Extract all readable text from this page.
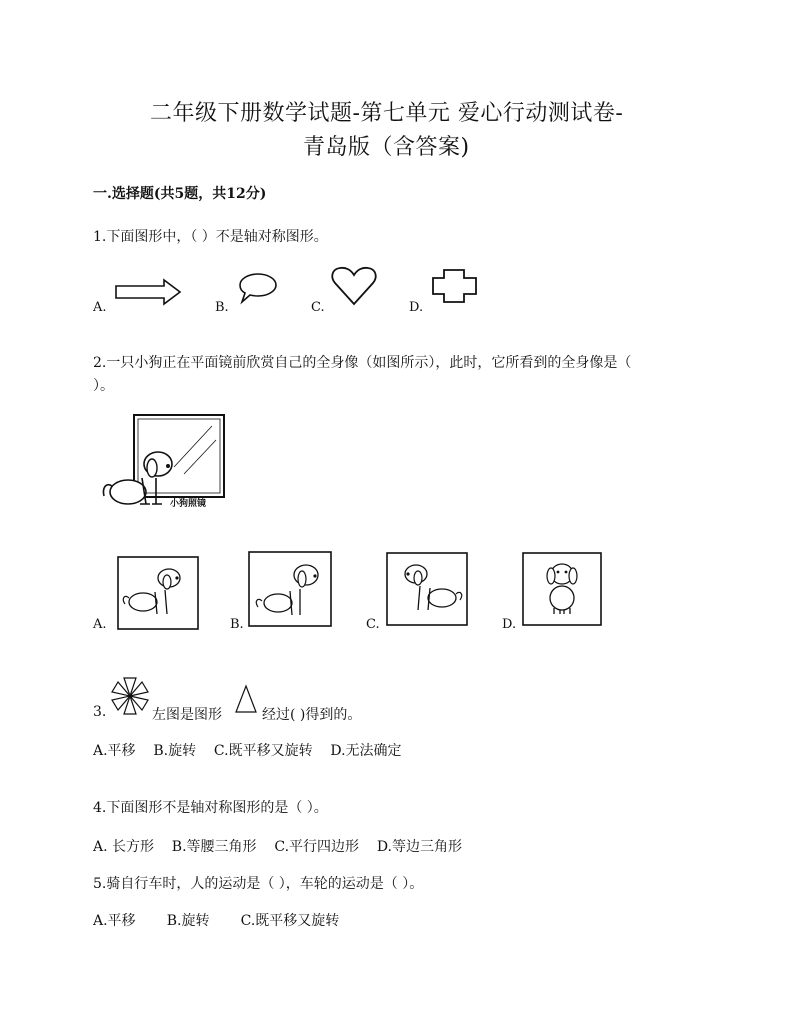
二年级下册数学试题-第七单元 爱心行动测试卷-
青岛版（含答案)
一.选择题(共5题，共12分)
1.下面图形中，（ ）不是轴对称图形。
A.	B.	C.	D.
2.一只小狗正在平面镜前欣赏自己的全身像（如图所示），此时，它所看到的全身像是（
）。
小狗照镜
A.	B.	C.	D.
3.	左图是图形	经过( )得到的。
A.平移    B.旋转    C.既平移又旋转    D.无法确定
4.下面图形不是轴对称图形的是（ ）。
A. 长方形    B.等腰三角形    C.平行四边形    D.等边三角形
5.骑自行车时，人的运动是（ ），车轮的运动是（ ）。
A.平移       B.旋转       C.既平移又旋转
